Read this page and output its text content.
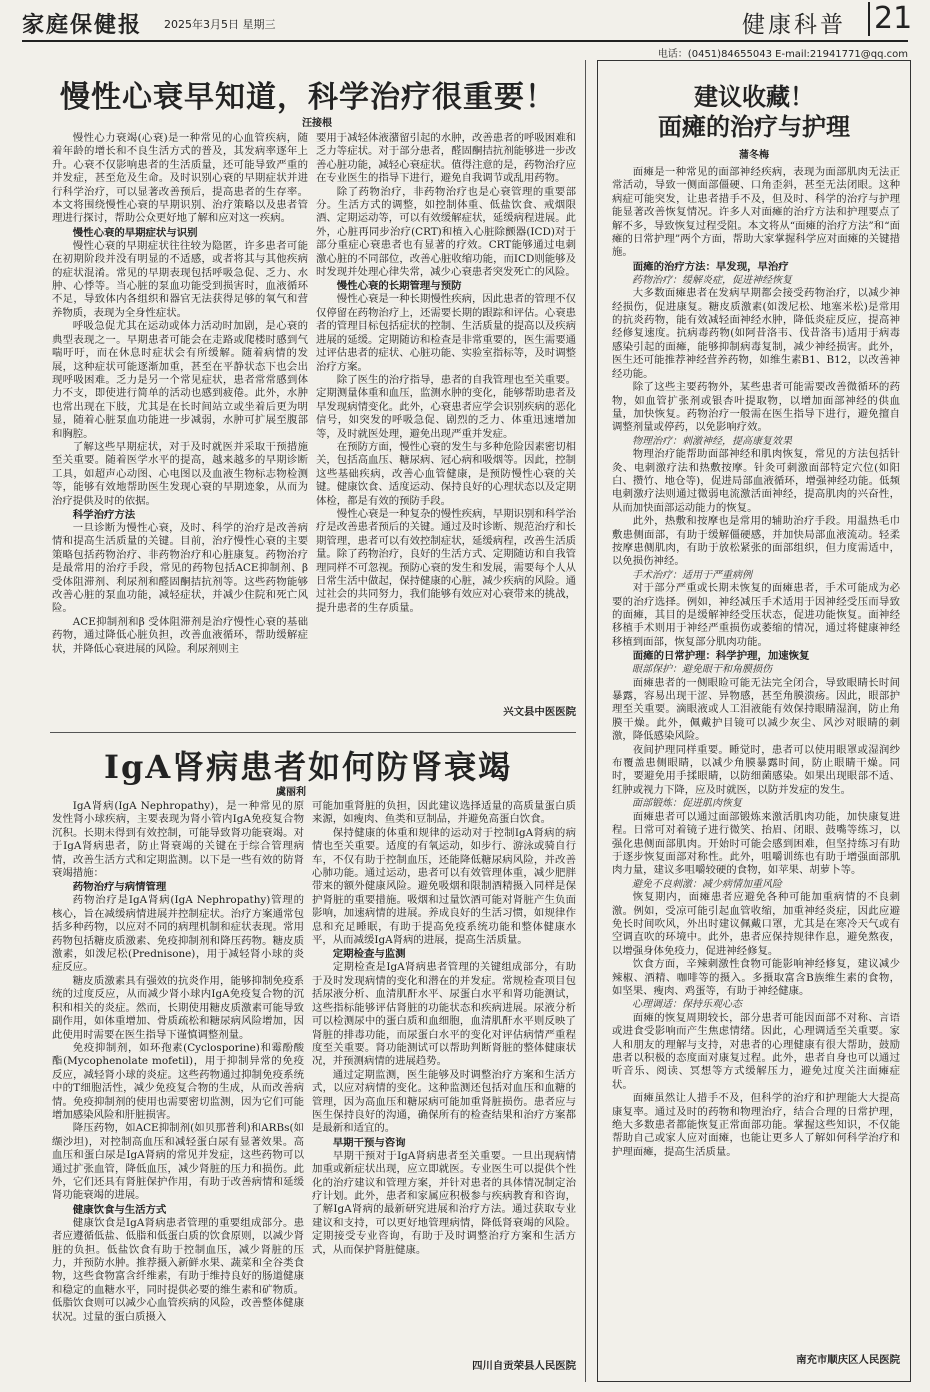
家庭保健报 2025年3月5日 星期三	健康科普 21
电话：(0451)84655043 E-mail:21941771@qq.com
慢性心衰早知道，科学治疗很重要！
汪接根

慢性心力衰竭(心衰)是一种常见的心血管疾病，随着年龄的增长和不良生活方式的普及，其发病率逐年上升。心衰不仅影响患者的生活质量，还可能导致严重的并发症，甚至危及生命。及时识别心衰的早期症状并进行科学治疗，可以显著改善预后，提高患者的生存率。本文将围绕慢性心衰的早期识别、治疗策略以及患者管理进行探讨，帮助公众更好地了解和应对这一疾病。

慢性心衰的早期症状与识别

慢性心衰的早期症状往往较为隐匿，许多患者可能在初期阶段并没有明显的不适感，或者将其与其他疾病的症状混淆。常见的早期表现包括呼吸急促、乏力、水肿、心悸等。当心脏的泵血功能受到损害时，血液循环不足，导致体内各组织和器官无法获得足够的氧气和营养物质，表现为全身性症状。

呼吸急促尤其在运动或体力活动时加剧，是心衰的典型表现之一。早期患者可能会在走路或爬楼时感到气喘吁吁，而在休息时症状会有所缓解。随着病情的发展，这种症状可能逐渐加重，甚至在平静状态下也会出现呼吸困难。乏力是另一个常见症状，患者常常感到体力不支，即使进行简单的活动也感到疲倦。此外，水肿也常出现在下肢，尤其是在长时间站立或坐着后更为明显，随着心脏泵血功能进一步减弱，水肿可扩展至腹部和胸腔。

了解这些早期症状，对于及时就医并采取干预措施至关重要。随着医学水平的提高，越来越多的早期诊断工具，如超声心动图、心电图以及血液生物标志物检测等，能够有效地帮助医生发现心衰的早期迹象，从而为治疗提供及时的依据。

科学治疗方法

一旦诊断为慢性心衰，及时、科学的治疗是改善病情和提高生活质量的关键。目前，治疗慢性心衰的主要策略包括药物治疗、非药物治疗和心脏康复。药物治疗是最常用的治疗手段，常见的药物包括ACE抑制剂、β 受体阻滞剂、利尿剂和醛固酮拮抗剂等。这些药物能够改善心脏的泵血功能，减轻症状，并减少住院和死亡风险。

ACE抑制剂和β 受体阻滞剂是治疗慢性心衰的基础药物，通过降低心脏负担，改善血液循环，帮助缓解症状，并降低心衰进展的风险。利尿剂则主

要用于减轻体液潴留引起的水肿，改善患者的呼吸困难和乏力等症状。对于部分患者，醛固酮拮抗剂能够进一步改善心脏功能，减轻心衰症状。值得注意的是，药物治疗应在专业医生的指导下进行，避免自我调节或乱用药物。

除了药物治疗，非药物治疗也是心衰管理的重要部分。生活方式的调整，如控制体重、低盐饮食、戒烟限酒、定期运动等，可以有效缓解症状，延缓病程进展。此外，心脏再同步治疗(CRT)和植入心脏除颤器(ICD)对于部分重症心衰患者也有显著的疗效。CRT能够通过电刺激心脏的不同部位，改善心脏收缩功能，而ICD则能够及时发现并处理心律失常，减少心衰患者突发死亡的风险。

慢性心衰的长期管理与预防

慢性心衰是一种长期慢性疾病，因此患者的管理不仅仅停留在药物治疗上，还需要长期的跟踪和评估。心衰患者的管理目标包括症状的控制、生活质量的提高以及疾病进展的延缓。定期随访和检查是非常重要的，医生需要通过评估患者的症状、心脏功能、实验室指标等，及时调整治疗方案。

除了医生的治疗指导，患者的自我管理也至关重要。定期测量体重和血压，监测水肿的变化，能够帮助患者及早发现病情变化。此外，心衰患者应学会识别疾病的恶化信号，如突发的呼吸急促、剧烈的乏力、体重迅速增加等，及时就医处理，避免出现严重并发症。

在预防方面，慢性心衰的发生与多种危险因素密切相关，包括高血压、糖尿病、冠心病和吸烟等。因此，控制这些基础疾病，改善心血管健康，是预防慢性心衰的关键。健康饮食、适度运动、保持良好的心理状态以及定期体检，都是有效的预防手段。

慢性心衰是一种复杂的慢性疾病，早期识别和科学治疗是改善患者预后的关键。通过及时诊断、规范治疗和长期管理，患者可以有效控制症状，延缓病程，改善生活质量。除了药物治疗，良好的生活方式、定期随访和自我管理同样不可忽视。预防心衰的发生和发展，需要每个人从日常生活中做起，保持健康的心脏，减少疾病的风险。通过社会的共同努力，我们能够有效应对心衰带来的挑战，提升患者的生存质量。

兴文县中医医院
IgA肾病患者如何防肾衰竭
虞丽利

IgA肾病(IgA Nephropathy)，是一种常见的原发性肾小球疾病，主要表现为肾小管内IgA免疫复合物沉积。长期未得到有效控制，可能导致肾功能衰竭。对于IgA肾病患者，防止肾衰竭的关键在于综合管理病情，改善生活方式和定期监测。以下是一些有效的防肾衰竭措施：

药物治疗与病情管理

药物治疗是IgA肾病(IgA Nephropathy)管理的核心，旨在减缓病情进展并控制症状。治疗方案通常包括多种药物，以应对不同的病理机制和症状表现。常用药物包括糖皮质激素、免疫抑制剂和降压药物。糖皮质激素，如泼尼松(Prednisone)，用于减轻肾小球的炎症反应。

糖皮质激素具有强效的抗炎作用，能够抑制免疫系统的过度反应，从而减少肾小球内IgA免疫复合物的沉积和相关的炎症。然而，长期使用糖皮质激素可能导致副作用，如体重增加、骨质疏松和糖尿病风险增加，因此使用时需要在医生指导下谨慎调整剂量。

免疫抑制剂，如环孢素(Cyclosporine)和霉酚酸酯(Mycophenolate mofetil)，用于抑制异常的免疫反应，减轻肾小球的炎症。这些药物通过抑制免疫系统中的T细胞活性，减少免疫复合物的生成，从而改善病情。免疫抑制剂的使用也需要密切监测，因为它们可能增加感染风险和肝脏损害。

降压药物，如ACE抑制剂(如贝那普利)和ARBs(如缬沙坦)，对控制高血压和减轻蛋白尿有显著效果。高血压和蛋白尿是IgA肾病的常见并发症，这些药物可以通过扩张血管，降低血压，减少肾脏的压力和损伤。此外，它们还具有肾脏保护作用，有助于改善病情和延缓肾功能衰竭的进展。

健康饮食与生活方式

健康饮食是IgA肾病患者管理的重要组成部分。患者应遵循低盐、低脂和低蛋白质的饮食原则，以减少肾脏的负担。低盐饮食有助于控制血压，减少肾脏的压力，并预防水肿。推荐摄入新鲜水果、蔬菜和全谷类食物，这些食物富含纤维素，有助于维持良好的肠道健康和稳定的血糖水平，同时提供必要的维生素和矿物质。低脂饮食则可以减少心血管疾病的风险，改善整体健康状况。过量的蛋白质摄入

可能加重肾脏的负担，因此建议选择适量的高质量蛋白质来源，如瘦肉、鱼类和豆制品，并避免高蛋白饮食。

保持健康的体重和规律的运动对于控制IgA肾病的病情也至关重要。适度的有氧运动，如步行、游泳或骑自行车，不仅有助于控制血压，还能降低糖尿病风险，并改善心肺功能。通过运动，患者可以有效管理体重，减少肥胖带来的额外健康风险。避免吸烟和限制酒精摄入同样是保护肾脏的重要措施。吸烟和过量饮酒可能对肾脏产生负面影响，加速病情的进展。养成良好的生活习惯，如规律作息和充足睡眠，有助于提高免疫系统功能和整体健康水平，从而减缓IgA肾病的进展，提高生活质量。

定期检查与监测

定期检查是IgA肾病患者管理的关键组成部分，有助于及时发现病情的变化和潜在的并发症。常规检查项目包括尿液分析、血清肌酐水平、尿蛋白水平和肾功能测试，这些指标能够评估肾脏的功能状态和疾病进展。尿液分析可以检测尿中的蛋白质和血细胞，血清肌酐水平则反映了肾脏的排毒功能，而尿蛋白水平的变化对评估病情严重程度至关重要。肾功能测试可以帮助判断肾脏的整体健康状况，并预测病情的进展趋势。

通过定期监测，医生能够及时调整治疗方案和生活方式，以应对病情的变化。这种监测还包括对血压和血糖的管理，因为高血压和糖尿病可能加重肾脏损伤。患者应与医生保持良好的沟通，确保所有的检查结果和治疗方案都是最新和适宜的。

早期干预与咨询

早期干预对于IgA肾病患者至关重要。一旦出现病情加重或新症状出现，应立即就医。专业医生可以提供个性化的治疗建议和管理方案，并针对患者的具体情况制定治疗计划。此外，患者和家属应积极参与疾病教育和咨询，了解IgA肾病的最新研究进展和治疗方法。通过获取专业建议和支持，可以更好地管理病情，降低肾衰竭的风险。定期接受专业咨询，有助于及时调整治疗方案和生活方式，从而保护肾脏健康。

四川自贡荣县人民医院
建议收藏！
面瘫的治疗与护理
蒲冬梅

面瘫是一种常见的面部神经疾病，表现为面部肌肉无法正常活动，导致一侧面部僵硬、口角歪斜，甚至无法闭眼。这种病症可能突发，让患者措手不及，但及时、科学的治疗与护理能显著改善恢复情况。许多人对面瘫的治疗方法和护理要点了解不多，导致恢复过程受阻。本文将从“面瘫的治疗方法”和“面瘫的日常护理”两个方面，帮助大家掌握科学应对面瘫的关键措施。

面瘫的治疗方法：早发现，早治疗
药物治疗：缓解炎症，促进神经恢复

大多数面瘫患者在发病早期都会接受药物治疗，以减少神经损伤，促进康复。糖皮质激素(如泼尼松、地塞米松)是常用的抗炎药物，能有效减轻面神经水肿，降低炎症反应，提高神经修复速度。抗病毒药物(如阿昔洛韦、伐昔洛韦)适用于病毒感染引起的面瘫，能够抑制病毒复制，减少神经损害。此外，医生还可能推荐神经营养药物，如维生素B1、B12，以改善神经功能。

除了这些主要药物外，某些患者可能需要改善微循环的药物，如血管扩张剂或银杏叶提取物，以增加面部神经的供血量，加快恢复。药物治疗一般需在医生指导下进行，避免擅自调整剂量或停药，以免影响疗效。

物理治疗：刺激神经，提高康复效果

物理治疗能帮助面部神经和肌肉恢复，常见的方法包括针灸、电刺激疗法和热敷按摩。针灸可刺激面部特定穴位(如阳白、攒竹、地仓等)，促进局部血液循环，增强神经功能。低频电刺激疗法则通过微弱电流激活面神经，提高肌肉的兴奋性，从而加快面部运动能力的恢复。

此外，热敷和按摩也是常用的辅助治疗手段。用温热毛巾敷患侧面部，有助于缓解僵硬感，并加快局部血液流动。轻柔按摩患侧肌肉，有助于放松紧张的面部组织，但力度需适中，以免损伤神经。

手术治疗：适用于严重病例

对于部分严重或长期未恢复的面瘫患者，手术可能成为必要的治疗选择。例如，神经减压手术适用于因神经受压而导致的面瘫，其目的是缓解神经受压状态，促进功能恢复。面神经移植手术则用于神经严重损伤或萎缩的情况，通过将健康神经移植到面部，恢复部分肌肉功能。

面瘫的日常护理：科学护理，加速恢复
眼部保护：避免眼干和角膜损伤

面瘫患者的一侧眼睑可能无法完全闭合，导致眼睛长时间暴露，容易出现干涩、异物感，甚至角膜溃疡。因此，眼部护理至关重要。滴眼液或人工泪液能有效保持眼睛湿润，防止角膜干燥。此外，佩戴护目镜可以减少灰尘、风沙对眼睛的刺激，降低感染风险。

夜间护理同样重要。睡觉时，患者可以使用眼罩或湿润纱布覆盖患侧眼睛，以减少角膜暴露时间，防止眼睛干燥。同时，要避免用手揉眼睛，以防细菌感染。如果出现眼部不适、红肿或视力下降，应及时就医，以防并发症的发生。

面部锻炼：促进肌肉恢复

面瘫患者可以通过面部锻炼来激活肌肉功能，加快康复进程。日常可对着镜子进行微笑、抬眉、闭眼、鼓嘴等练习，以强化患侧面部肌肉。开始时可能会感到困难，但坚持练习有助于逐步恢复面部对称性。此外，咀嚼训练也有助于增强面部肌肉力量，建议多咀嚼较硬的食物，如苹果、胡萝卜等。

避免不良刺激：减少病情加重风险

恢复期内，面瘫患者应避免各种可能加重病情的不良刺激。例如，受凉可能引起血管收缩，加重神经炎症，因此应避免长时间吹风，外出时建议佩戴口罩，尤其是在寒冷天气或有空调直吹的环境中。此外，患者应保持规律作息，避免熬夜，以增强身体免疫力，促进神经修复。

饮食方面，辛辣刺激性食物可能影响神经修复，建议减少辣椒、酒精、咖啡等的摄入。多摄取富含B族维生素的食物，如坚果、瘦肉、鸡蛋等，有助于神经健康。

心理调适：保持乐观心态

面瘫的恢复周期较长，部分患者可能因面部不对称、言语或进食受影响而产生焦虑情绪。因此，心理调适至关重要。家人和朋友的理解与支持，对患者的心理健康有很大帮助，鼓励患者以积极的态度面对康复过程。此外，患者自身也可以通过听音乐、阅读、冥想等方式缓解压力，避免过度关注面瘫症状。

面瘫虽然让人措手不及，但科学的治疗和护理能大大提高康复率。通过及时的药物和物理治疗，结合合理的日常护理，绝大多数患者都能恢复正常面部功能。掌握这些知识，不仅能帮助自己或家人应对面瘫，也能让更多人了解如何科学治疗和护理面瘫，提高生活质量。

南充市顺庆区人民医院
